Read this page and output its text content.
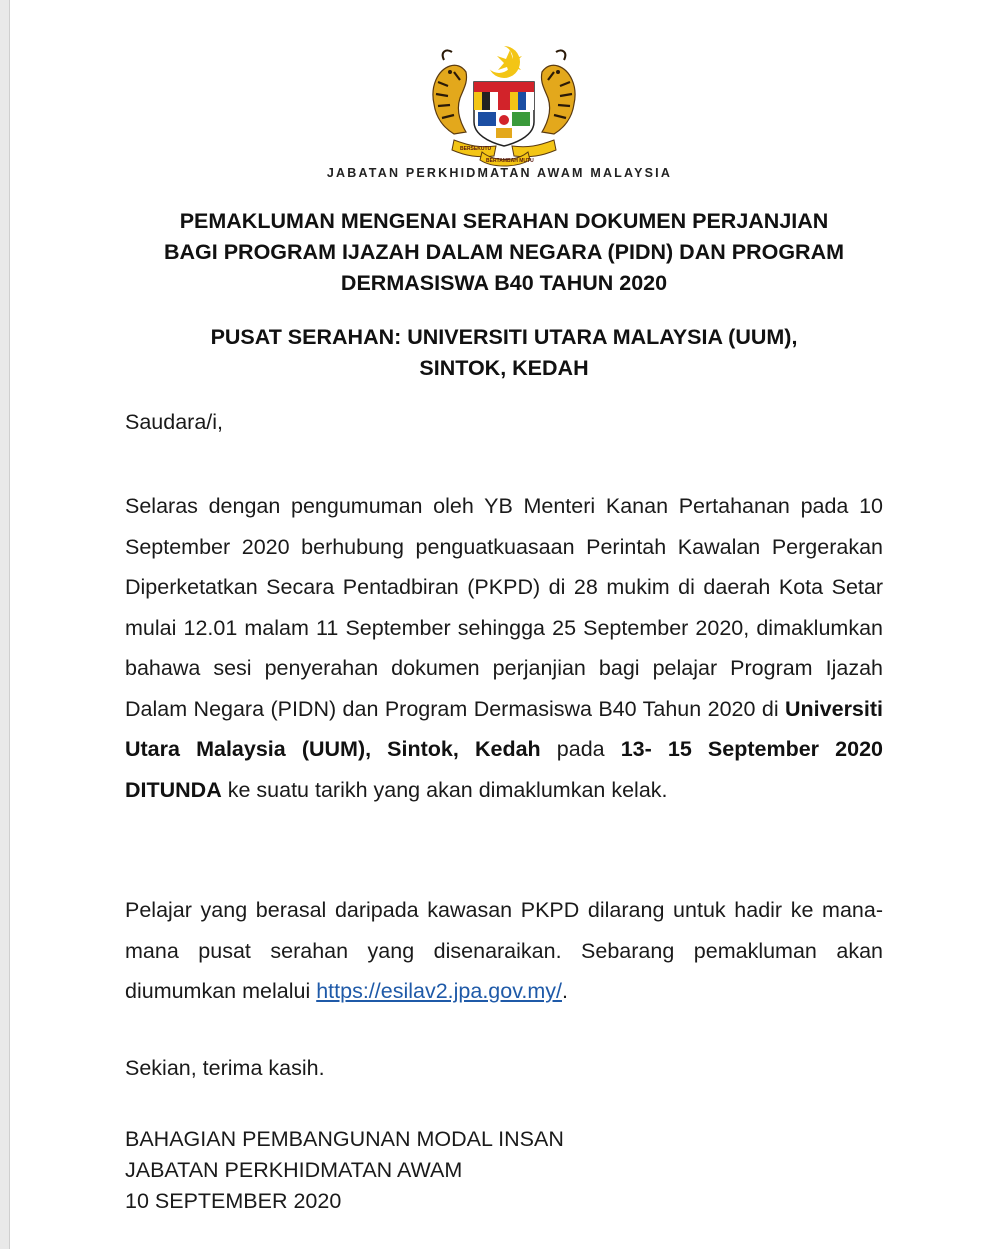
BERSEKUTU
BERTAMBAH MUTU
JABATAN PERKHIDMATAN AWAM MALAYSIA
PEMAKLUMAN MENGENAI SERAHAN DOKUMEN PERJANJIAN
BAGI PROGRAM IJAZAH DALAM NEGARA (PIDN) DAN PROGRAM
DERMASISWA B40 TAHUN 2020
PUSAT SERAHAN: UNIVERSITI UTARA MALAYSIA (UUM),
SINTOK, KEDAH
Saudara/i,
Selaras dengan pengumuman oleh YB Menteri Kanan Pertahanan pada 10 September 2020 berhubung penguatkuasaan Perintah Kawalan Pergerakan Diperketatkan Secara Pentadbiran (PKPD) di 28 mukim di daerah Kota Setar mulai 12.01 malam 11 September sehingga 25 September 2020, dimaklumkan bahawa sesi penyerahan dokumen perjanjian bagi pelajar Program Ijazah Dalam Negara (PIDN) dan Program Dermasiswa B40 Tahun 2020 di Universiti Utara Malaysia (UUM), Sintok, Kedah pada 13- 15 September 2020 DITUNDA ke suatu tarikh yang akan dimaklumkan kelak.
Pelajar yang berasal daripada kawasan PKPD dilarang untuk hadir ke mana-mana pusat serahan yang disenaraikan. Sebarang pemakluman akan diumumkan melalui https://esilav2.jpa.gov.my/.
Sekian, terima kasih.
BAHAGIAN PEMBANGUNAN MODAL INSAN
JABATAN PERKHIDMATAN AWAM
10 SEPTEMBER 2020
